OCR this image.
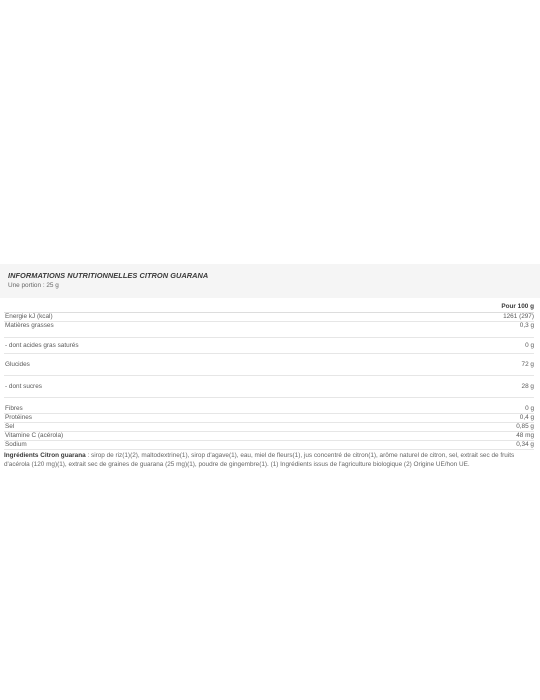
INFORMATIONS NUTRITIONNELLES CITRON GUARANA
Une portion : 25 g
Pour 100 g
Energie kJ (kcal)	1261 (297)
Matières grasses	0,3 g
- dont acides gras saturés	0 g
Glucides	72 g
- dont sucres	28 g
Fibres	0 g
Protéines	0,4 g
Sel	0,85 g
Vitamine C (acérola)	48 mg
Sodium	0,34 g
Ingrédients Citron guarana : sirop de riz(1)(2), maltodextrine(1), sirop d'agave(1), eau, miel de fleurs(1), jus concentré de citron(1), arôme naturel de citron, sel, extrait sec de fruits d'acérola (120 mg)(1), extrait sec de graines de guarana (25 mg)(1), poudre de gingembre(1). (1) Ingrédients issus de l'agriculture biologique (2) Origine UE/hon UE.
